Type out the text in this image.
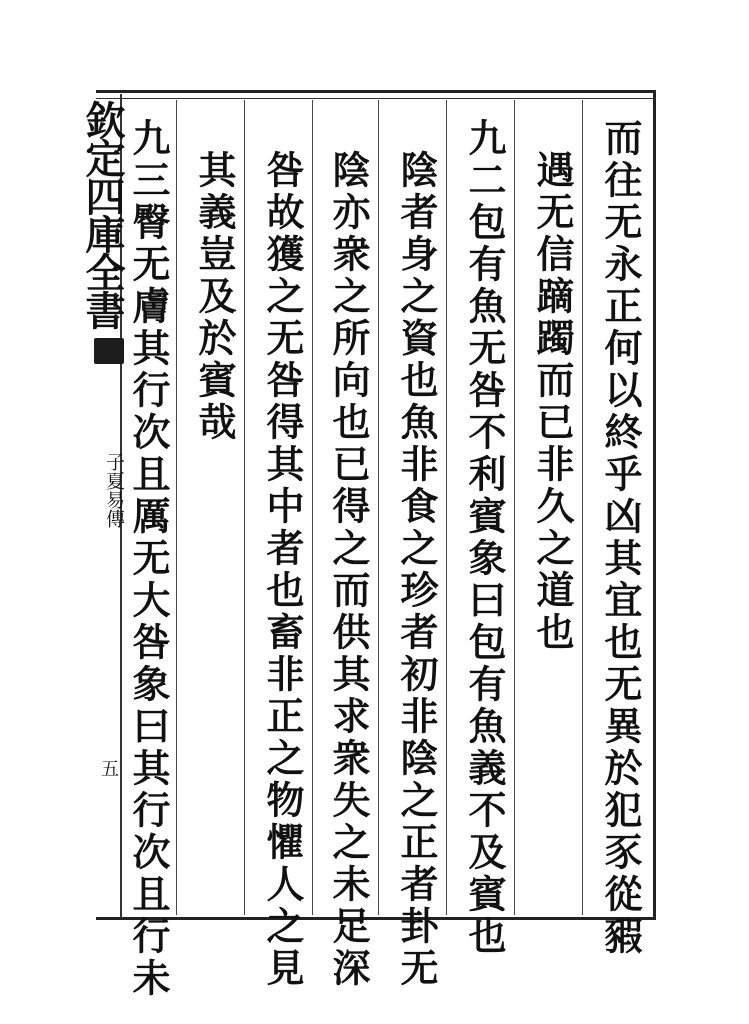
欽定四庫全書
子夏易傳
五	而往无永正何以終乎凶其宜也无異於犯豕從豭
遇无信蹢躅而已非久之道也
九二包有魚无咎不利賓象曰包有魚義不及賓也
陰者身之資也魚非食之珍者初非陰之正者卦无
陰亦衆之所向也已得之而供其求衆失之未足深
咎故獲之无咎得其中者也畜非正之物懼人之見
其義豈及於賓哉
九三臀无膚其行次且厲无大咎象曰其行次且行未
